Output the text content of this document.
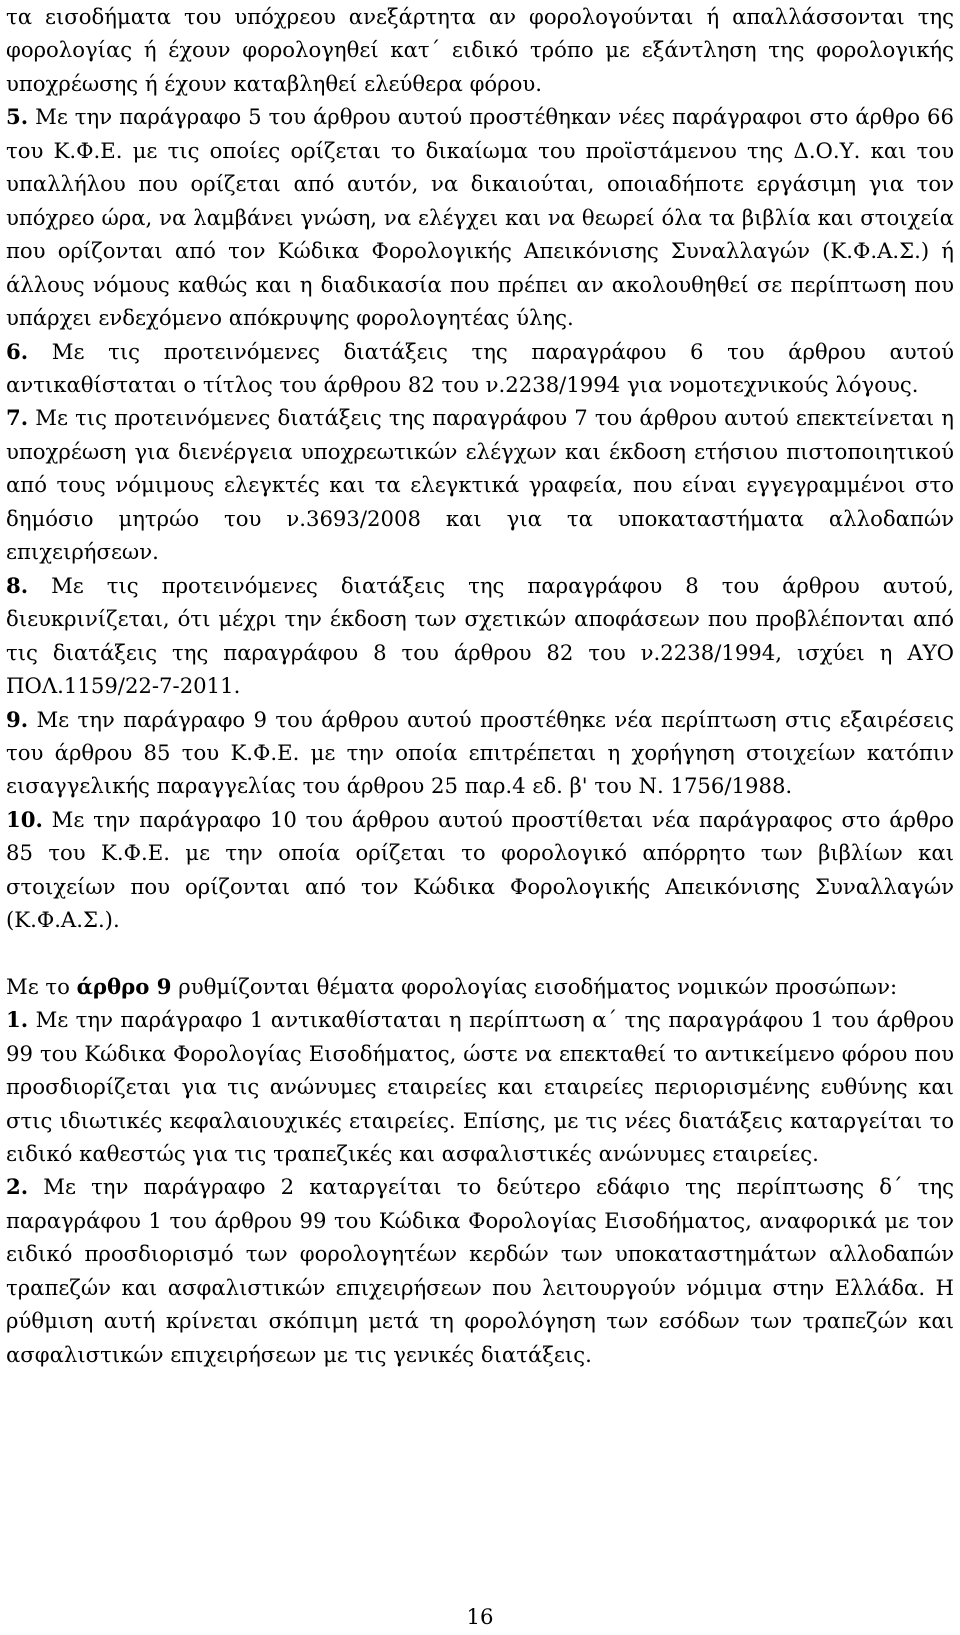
τα εισοδήματα του υπόχρεου ανεξάρτητα αν φορολογούνται ή απαλλάσσονται της φορολογίας ή έχουν φορολογηθεί κατ΄ ειδικό τρόπο με εξάντληση της φορολογικής υποχρέωσης ή έχουν καταβληθεί ελεύθερα φόρου.

5. Με την παράγραφο 5 του άρθρου αυτού προστέθηκαν νέες παράγραφοι στο άρθρο 66 του Κ.Φ.Ε. με τις οποίες ορίζεται το δικαίωμα του προϊστάμενου της Δ.Ο.Υ. και του υπαλλήλου που ορίζεται από αυτόν, να δικαιούται, οποιαδήποτε εργάσιμη για τον υπόχρεο ώρα, να λαμβάνει γνώση, να ελέγχει και να θεωρεί όλα τα βιβλία και στοιχεία που ορίζονται από τον Κώδικα Φορολογικής Απεικόνισης Συναλλαγών (Κ.Φ.Α.Σ.) ή άλλους νόμους καθώς και η διαδικασία που πρέπει αν ακολουθηθεί σε περίπτωση που υπάρχει ενδεχόμενο απόκρυψης φορολογητέας ύλης.

6. Με τις προτεινόμενες διατάξεις της παραγράφου 6 του άρθρου αυτού αντικαθίσταται ο τίτλος του άρθρου 82 του ν.2238/1994 για νομοτεχνικούς λόγους.

7. Με τις προτεινόμενες διατάξεις της παραγράφου 7 του άρθρου αυτού επεκτείνεται η υποχρέωση για διενέργεια υποχρεωτικών ελέγχων και έκδοση ετήσιου πιστοποιητικού από τους νόμιμους ελεγκτές και τα ελεγκτικά γραφεία, που είναι εγγεγραμμένοι στο δημόσιο μητρώο του ν.3693/2008 και για τα υποκαταστήματα αλλοδαπών επιχειρήσεων.

8. Με τις προτεινόμενες διατάξεις της παραγράφου 8 του άρθρου αυτού, διευκρινίζεται, ότι μέχρι την έκδοση των σχετικών αποφάσεων που προβλέπονται από τις διατάξεις της παραγράφου 8 του άρθρου 82 του ν.2238/1994, ισχύει η ΑΥΟ ΠΟΛ.1159/22-7-2011.

9. Με την παράγραφο 9 του άρθρου αυτού προστέθηκε νέα περίπτωση στις εξαιρέσεις του άρθρου 85 του Κ.Φ.Ε. με την οποία επιτρέπεται η χορήγηση στοιχείων κατόπιν εισαγγελικής παραγγελίας του άρθρου 25 παρ.4 εδ. β' του Ν. 1756/1988.

10. Με την παράγραφο 10 του άρθρου αυτού προστίθεται νέα παράγραφος στο άρθρο 85 του Κ.Φ.Ε. με την οποία ορίζεται το φορολογικό απόρρητο των βιβλίων και στοιχείων που ορίζονται από τον Κώδικα Φορολογικής Απεικόνισης Συναλλαγών (Κ.Φ.Α.Σ.).

Με το άρθρο 9 ρυθμίζονται θέματα φορολογίας εισοδήματος νομικών προσώπων:

1. Με την παράγραφο 1 αντικαθίσταται η περίπτωση α΄ της παραγράφου 1 του άρθρου 99 του Κώδικα Φορολογίας Εισοδήματος, ώστε να επεκταθεί το αντικείμενο φόρου που προσδιορίζεται για τις ανώνυμες εταιρείες και εταιρείες περιορισμένης ευθύνης και στις ιδιωτικές κεφαλαιουχικές εταιρείες. Επίσης, με τις νέες διατάξεις καταργείται το ειδικό καθεστώς για τις τραπεζικές και ασφαλιστικές ανώνυμες εταιρείες.

2. Με την παράγραφο 2 καταργείται το δεύτερο εδάφιο της περίπτωσης δ΄ της παραγράφου 1 του άρθρου 99 του Κώδικα Φορολογίας Εισοδήματος, αναφορικά με τον ειδικό προσδιορισμό των φορολογητέων κερδών των υποκαταστημάτων αλλοδαπών τραπεζών και ασφαλιστικών επιχειρήσεων που λειτουργούν νόμιμα στην Ελλάδα. Η ρύθμιση αυτή κρίνεται σκόπιμη μετά τη φορολόγηση των εσόδων των τραπεζών και ασφαλιστικών επιχειρήσεων με τις γενικές διατάξεις.

16
